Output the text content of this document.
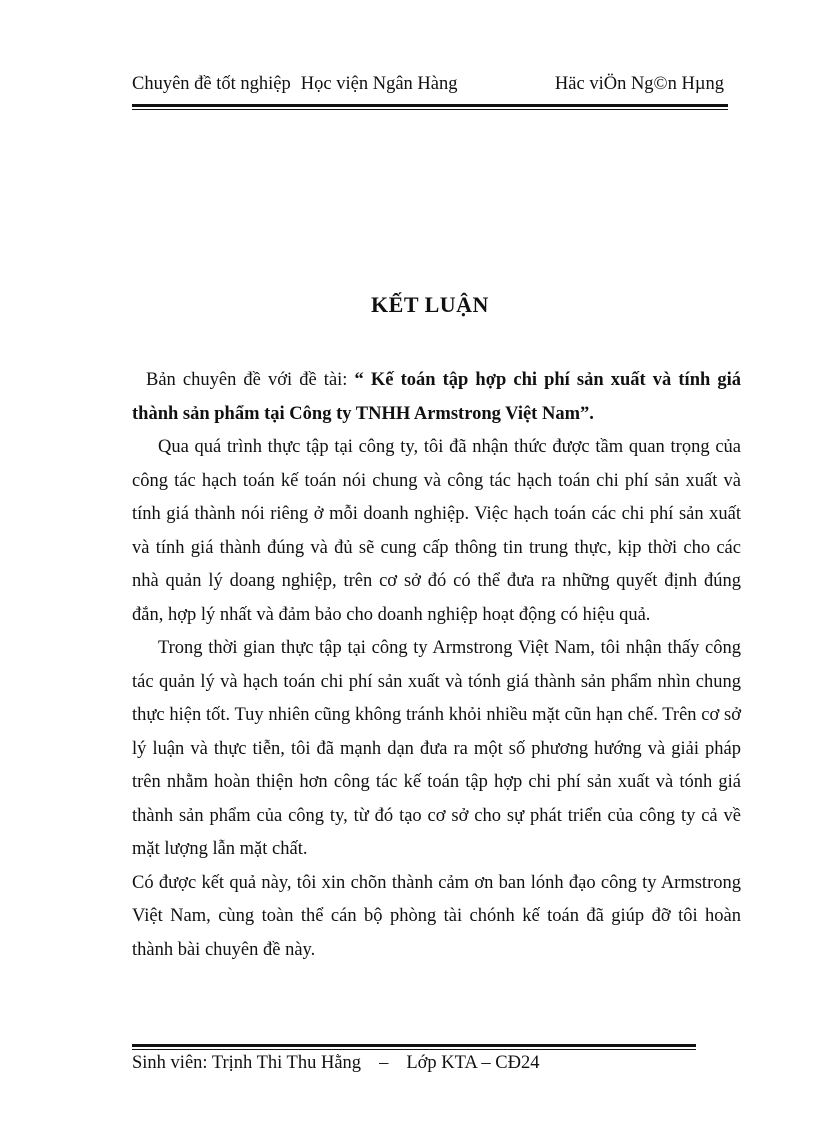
Chuyên đề tốt nghiệp Học viện Ngân Hàng	Häc viÖn Ng©n Hµng
KẾT LUẬN

Bản chuyên đề với đề tài: “ Kế toán tập hợp chi phí sản xuất và tính giá thành sản phẩm tại Công ty TNHH Armstrong Việt Nam”.

Qua quá trình thực tập tại công ty, tôi đã nhận thức được tầm quan trọng của công tác hạch toán kế toán nói chung và công tác hạch toán chi phí sản xuất và tính giá thành nói riêng ở mỗi doanh nghiệp. Việc hạch toán các chi phí sản xuất và tính giá thành đúng và đủ sẽ cung cấp thông tin trung thực, kịp thời cho các nhà quản lý doang nghiệp, trên cơ sở đó có thể đưa ra những quyết định đúng đắn, hợp lý nhất và đảm bảo cho doanh nghiệp hoạt động có hiệu quả.

Trong thời gian thực tập tại công ty Armstrong Việt Nam, tôi nhận thấy công tác quản lý và hạch toán chi phí sản xuất và tónh giá thành sản phẩm nhìn chung thực hiện tốt. Tuy nhiên cũng không tránh khỏi nhiều mặt cũn hạn chế. Trên cơ sở lý luận và thực tiễn, tôi đã mạnh dạn đưa ra một số phương hướng và giải pháp trên nhằm hoàn thiện hơn công tác kế toán tập hợp chi phí sản xuất và tónh giá thành sản phẩm của công ty, từ đó tạo cơ sở cho sự phát triển của công ty cả về mặt lượng lẫn mặt chất.

Có được kết quả này, tôi xin chõn thành cảm ơn ban lónh đạo công ty Armstrong Việt Nam, cùng toàn thể cán bộ phòng tài chónh kế toán đã giúp đỡ tôi hoàn thành bài chuyên đề này.

Sinh viên: Trịnh Thi Thu Hằng – Lớp KTA – CĐ24
